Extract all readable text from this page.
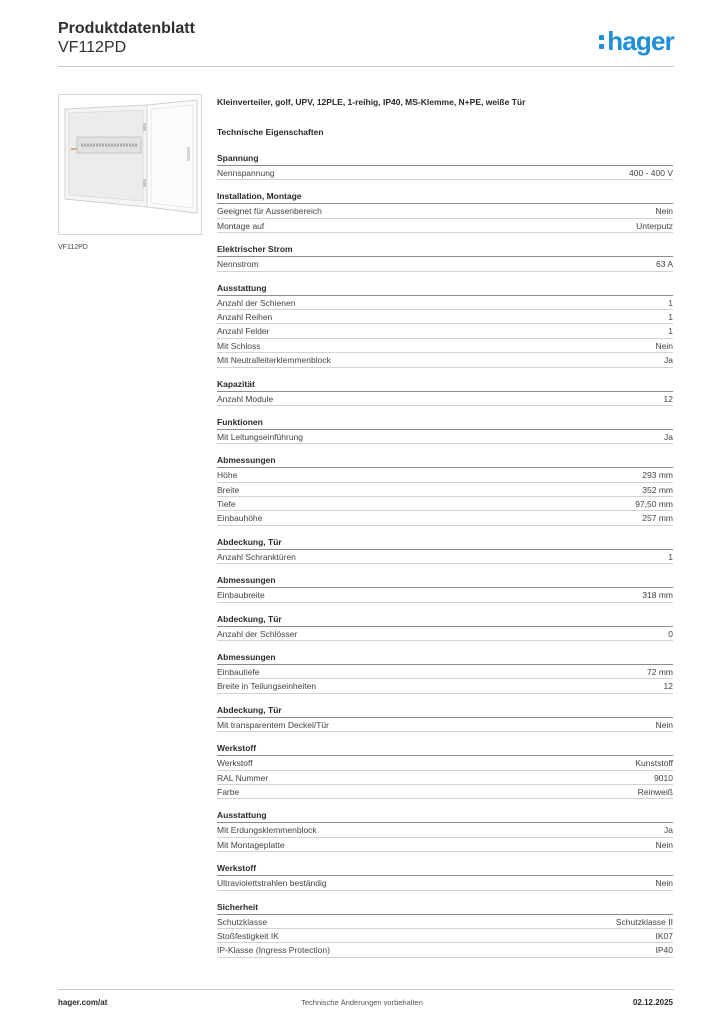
Produktdatenblatt
VF112PD	hager
VF112PD
Kleinverteiler, golf, UPV, 12PLE, 1-reihig, IP40, MS-Klemme, N+PE, weiße Tür
Technische Eigenschaften
Spannung
Nennspannung	400 - 400 V
Installation, Montage
Geeignet für Aussenbereich	Nein
Montage auf	Unterputz
Elektrischer Strom
Nennstrom	63 A
Ausstattung
Anzahl der Schienen	1
Anzahl Reihen	1
Anzahl Felder	1
Mit Schloss	Nein
Mit Neutralleiterklemmenblock	Ja
Kapazität
Anzahl Module	12
Funktionen
Mit Leitungseinführung	Ja
Abmessungen
Höhe	293 mm
Breite	352 mm
Tiefe	97,50 mm
Einbauhöhe	257 mm
Abdeckung, Tür
Anzahl Schranktüren	1
Abmessungen
Einbaubreite	318 mm
Abdeckung, Tür
Anzahl der Schlösser	0
Abmessungen
Einbautiefe	72 mm
Breite in Teilungseinheiten	12
Abdeckung, Tür
Mit transparentem Deckel/Tür	Nein
Werkstoff
Werkstoff	Kunststoff
RAL Nummer	9010
Farbe	Reinweiß
Ausstattung
Mit Erdungsklemmenblock	Ja
Mit Montageplatte	Nein
Werkstoff
Ultraviolettstrahlen beständig	Nein
Sicherheit
Schutzklasse	Schutzklasse II
Stoßfestigkeit IK	IK07
IP-Klasse (Ingress Protection)	IP40
hager.com/at	Technische Änderungen vorbehalten	02.12.2025
